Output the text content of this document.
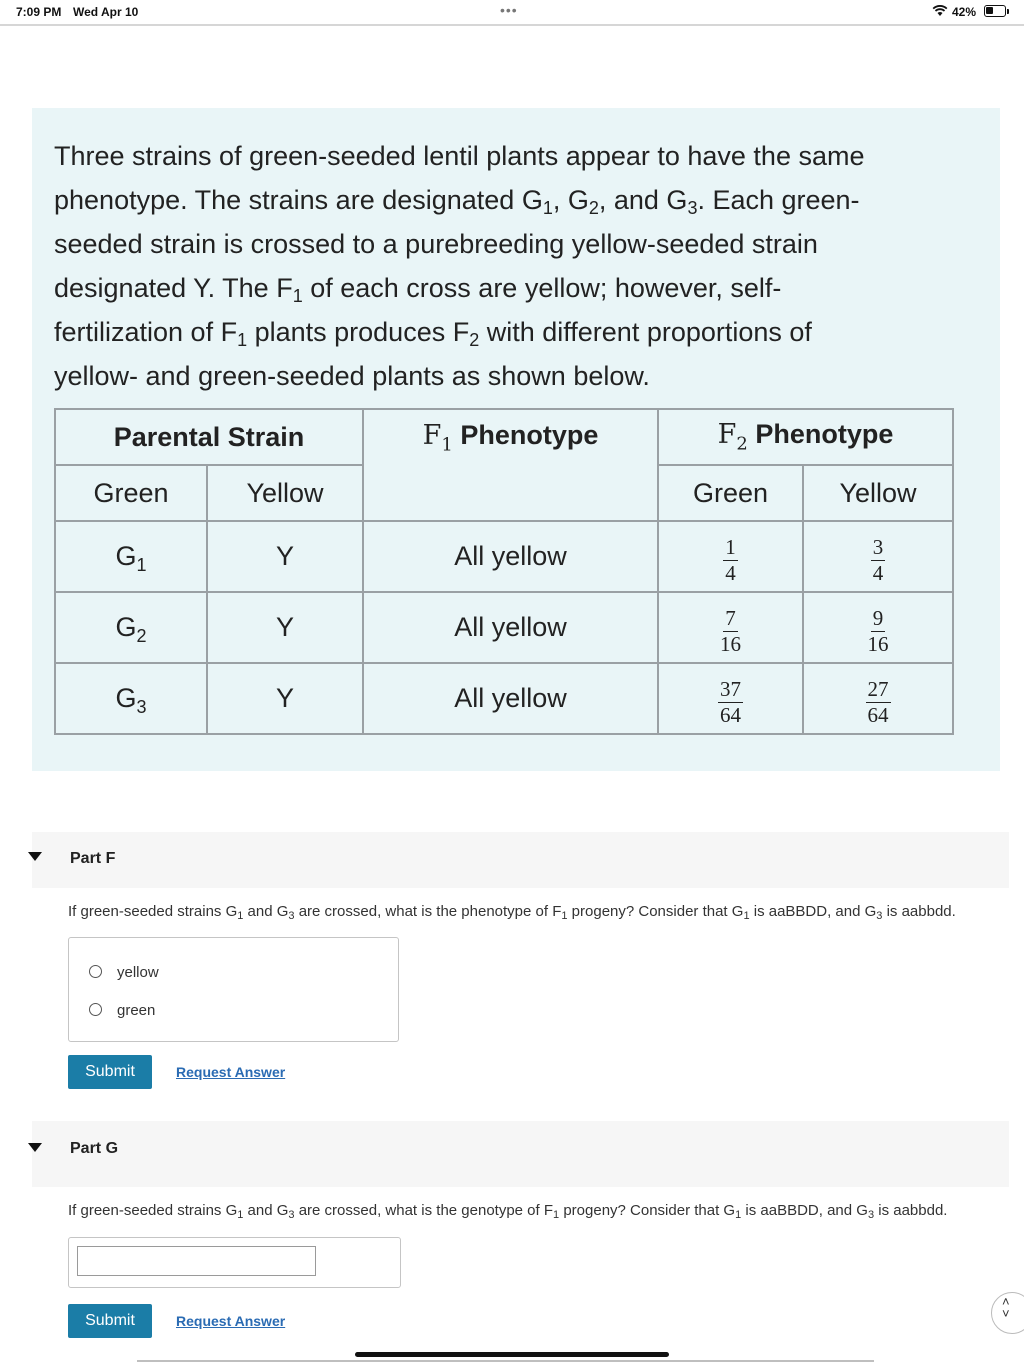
7:09 PM Wed Apr 10	•••	42%
Three strains of green-seeded lentil plants appear to have the same
phenotype. The strains are designated $G_1$, $G_2$, and $G_3$. Each green-
seeded strain is crossed to a purebreeding yellow-seeded strain
designated Y. The $F_1$ of each cross are yellow; however, self-
fertilization of $F_1$ plants produces $F_2$ with different proportions of
yellow- and green-seeded plants as shown below.
Parental Strain		$F_1$ Phenotype	$F_2$ Phenotype	
Green	Yellow		Green	Yellow
$G_1$	Y	All yellow	$\frac{1}{4}$	$\frac{3}{4}$

$G_2$	Y	All yellow	$\frac{7}{16}$	$\frac{9}{16}$

$G_3$	Y	All yellow	$\frac{37}{64}$	$\frac{27}{64}$
Part F
If green-seeded strains $G_1$ and $G_3$ are crossed, what is the phenotype of $F_1$ progeny? Consider that $G_1$ is aaBBDD, and $G_3$ is aabbdd.
yellow
green
Submit	Request Answer
Part G
If green-seeded strains $G_1$ and $G_3$ are crossed, what is the genotype of $F_1$ progeny? Consider that $G_1$ is aaBBDD, and $G_3$ is aabbdd.
Submit	Request Answer
˄
˅
